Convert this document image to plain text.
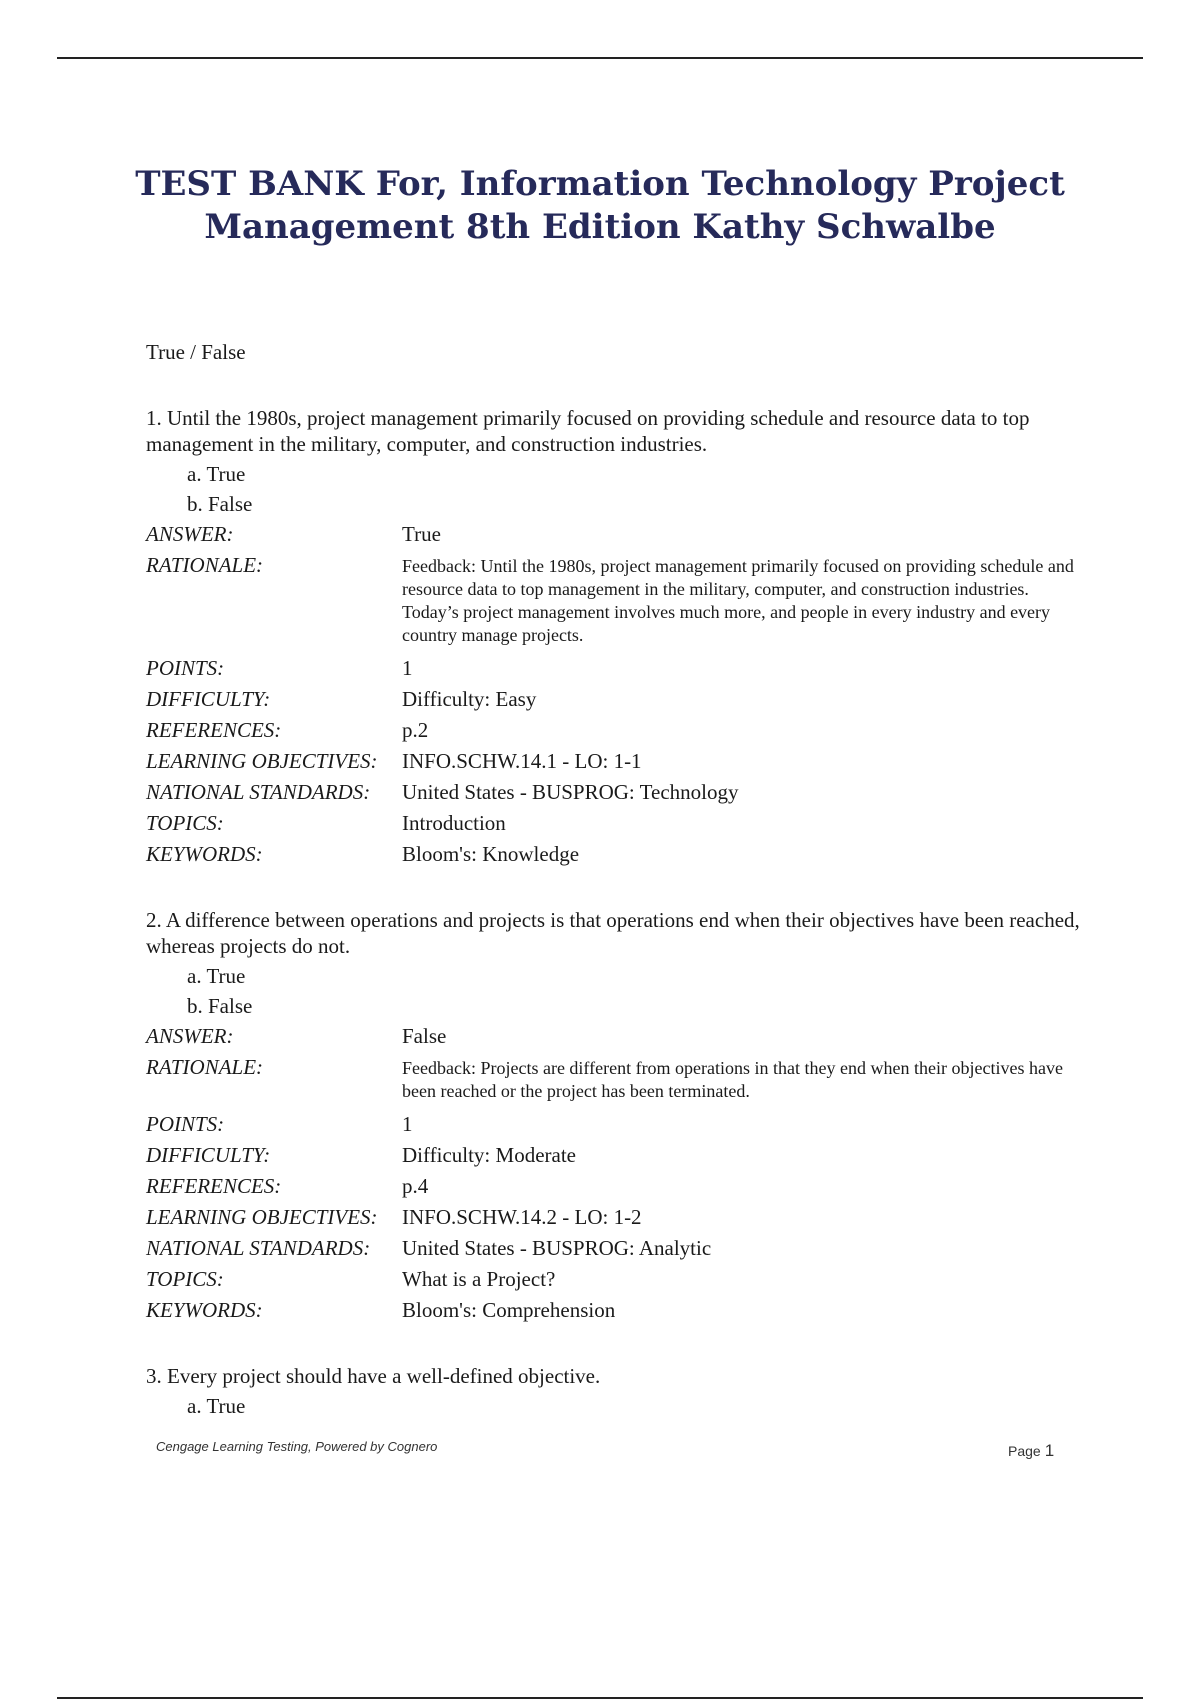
TEST BANK For, Information Technology Project
Management 8th Edition Kathy Schwalbe
True / False

1. Until the 1980s, project management primarily focused on providing schedule and resource data to top management in the military, computer, and construction industries.

a. True
b. False
ANSWER:	True
RATIONALE:	Feedback: Until the 1980s, project management primarily focused on providing schedule and resource data to top management in the military, computer, and construction industries. Today’s project management involves much more, and people in every industry and every country manage projects.
POINTS:	1
DIFFICULTY:	Difficulty: Easy
REFERENCES:	p.2
LEARNING OBJECTIVES:	INFO.SCHW.14.1 - LO: 1-1
NATIONAL STANDARDS:	United States - BUSPROG: Technology
TOPICS:	Introduction
KEYWORDS:	Bloom's: Knowledge

2. A difference between operations and projects is that operations end when their objectives have been reached, whereas projects do not.

a. True
b. False
ANSWER:	False
RATIONALE:	Feedback: Projects are different from operations in that they end when their objectives have been reached or the project has been terminated.
POINTS:	1
DIFFICULTY:	Difficulty: Moderate
REFERENCES:	p.4
LEARNING OBJECTIVES:	INFO.SCHW.14.2 - LO: 1-2
NATIONAL STANDARDS:	United States - BUSPROG: Analytic
TOPICS:	What is a Project?
KEYWORDS:	Bloom's: Comprehension

3. Every project should have a well-defined objective.

a. True
Cengage Learning Testing, Powered by Cognero	Page 1
